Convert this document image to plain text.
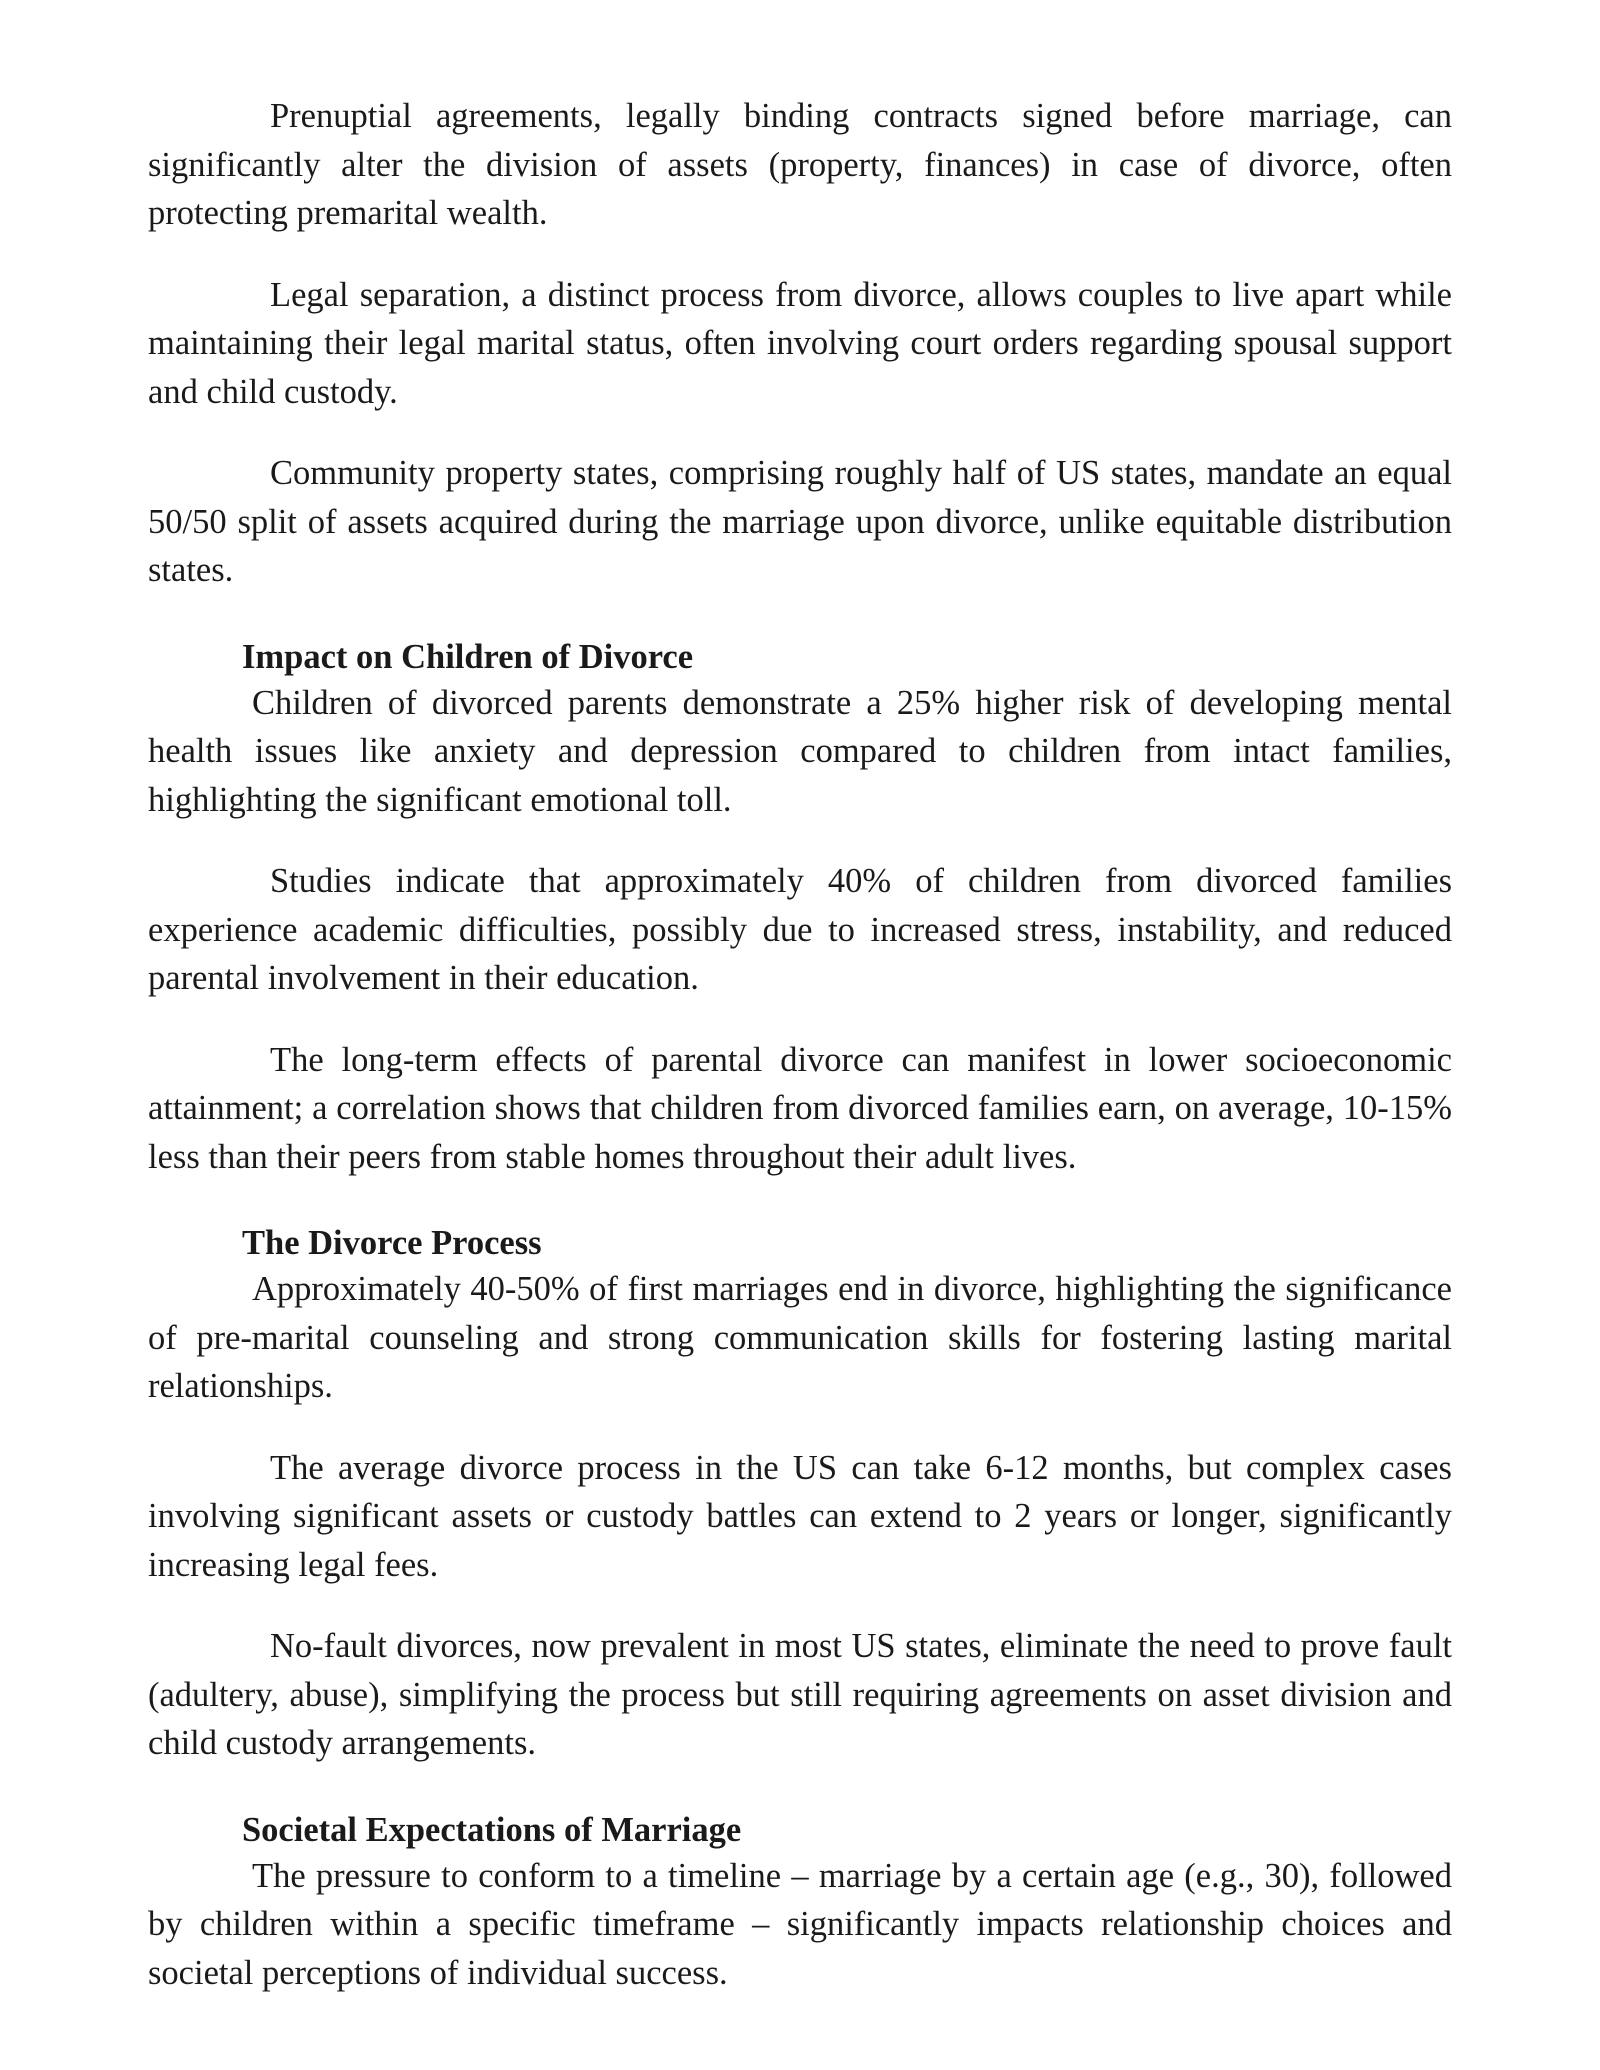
Prenuptial agreements, legally binding contracts signed before marriage, can significantly alter the division of assets (property, finances) in case of divorce, often protecting premarital wealth.

Legal separation, a distinct process from divorce, allows couples to live apart while maintaining their legal marital status, often involving court orders regarding spousal support and child custody.

Community property states, comprising roughly half of US states, mandate an equal 50/50 split of assets acquired during the marriage upon divorce, unlike equitable distribution states.

Impact on Children of Divorce

Children of divorced parents demonstrate a 25% higher risk of developing mental health issues like anxiety and depression compared to children from intact families, highlighting the significant emotional toll.

Studies indicate that approximately 40% of children from divorced families experience academic difficulties, possibly due to increased stress, instability, and reduced parental involvement in their education.

The long-term effects of parental divorce can manifest in lower socioeconomic attainment; a correlation shows that children from divorced families earn, on average, 10-15% less than their peers from stable homes throughout their adult lives.

The Divorce Process

Approximately 40-50% of first marriages end in divorce, highlighting the significance of pre-marital counseling and strong communication skills for fostering lasting marital relationships.

The average divorce process in the US can take 6-12 months, but complex cases involving significant assets or custody battles can extend to 2 years or longer, significantly increasing legal fees.

No-fault divorces, now prevalent in most US states, eliminate the need to prove fault (adultery, abuse), simplifying the process but still requiring agreements on asset division and child custody arrangements.

Societal Expectations of Marriage

The pressure to conform to a timeline – marriage by a certain age (e.g., 30), followed by children within a specific timeframe – significantly impacts relationship choices and societal perceptions of individual success.
